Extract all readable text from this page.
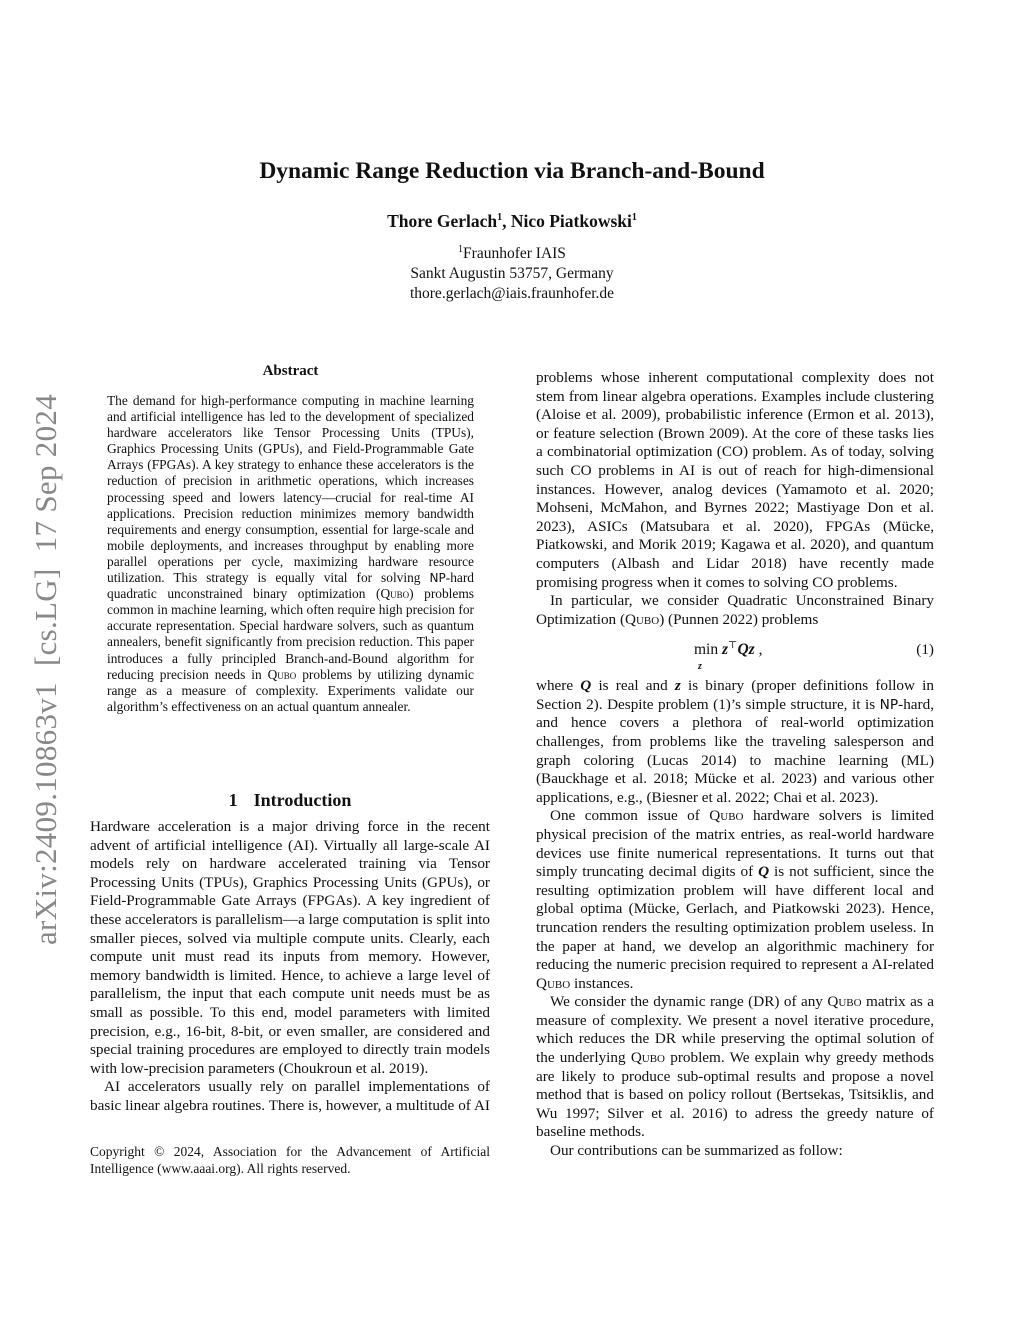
Dynamic Range Reduction via Branch-and-Bound
Thore Gerlach$^1$, Nico Piatkowski$^1$
$^1$Fraunhofer IAIS
Sankt Augustin 53757, Germany
thore.gerlach@iais.fraunhofer.de
arXiv:2409.10863v1  [cs.LG]  17 Sep 2024
Abstract
The demand for high-performance computing in machine learning and artificial intelligence has led to the development of specialized hardware accelerators like Tensor Processing Units (TPUs), Graphics Processing Units (GPUs), and Field-Programmable Gate Arrays (FPGAs). A key strategy to enhance these accelerators is the reduction of precision in arithmetic operations, which increases processing speed and lowers latency—crucial for real-time AI applications. Precision reduction minimizes memory bandwidth requirements and energy consumption, essential for large-scale and mobile deployments, and increases throughput by enabling more parallel operations per cycle, maximizing hardware resource utilization. This strategy is equally vital for solving NP-hard quadratic unconstrained binary optimization (Qubo) problems common in machine learning, which often require high precision for accurate representation. Special hardware solvers, such as quantum annealers, benefit significantly from precision reduction. This paper introduces a fully principled Branch-and-Bound algorithm for reducing precision needs in Qubo problems by utilizing dynamic range as a measure of complexity. Experiments validate our algorithm’s effectiveness on an actual quantum annealer.
1 Introduction

Hardware acceleration is a major driving force in the recent advent of artificial intelligence (AI). Virtually all large-scale AI models rely on hardware accelerated training via Tensor Processing Units (TPUs), Graphics Processing Units (GPUs), or Field-Programmable Gate Arrays (FPGAs). A key ingredient of these accelerators is parallelism—a large computation is split into smaller pieces, solved via multiple compute units. Clearly, each compute unit must read its inputs from memory. However, memory bandwidth is limited. Hence, to achieve a large level of parallelism, the input that each compute unit needs must be as small as possible. To this end, model parameters with limited precision, e.g., 16-bit, 8-bit, or even smaller, are considered and special training procedures are employed to directly train models with low-precision parameters (Choukroun et al. 2019).

AI accelerators usually rely on parallel implementations of basic linear algebra routines. There is, however, a multitude of AI

Copyright © 2024, Association for the Advancement of Artificial Intelligence (www.aaai.org). All rights reserved.

problems whose inherent computational complexity does not stem from linear algebra operations. Examples include clustering (Aloise et al. 2009), probabilistic inference (Ermon et al. 2013), or feature selection (Brown 2009). At the core of these tasks lies a combinatorial optimization (CO) problem. As of today, solving such CO problems in AI is out of reach for high-dimensional instances. However, analog devices (Yamamoto et al. 2020; Mohseni, McMahon, and Byrnes 2022; Mastiyage Don et al. 2023), ASICs (Matsubara et al. 2020), FPGAs (Mücke, Piatkowski, and Morik 2019; Kagawa et al. 2020), and quantum computers (Albash and Lidar 2018) have recently made promising progress when it comes to solving CO problems.

In particular, we consider Quadratic Unconstrained Binary Optimization (Qubo) (Punnen 2022) problems

min
z
z⊤Qz ,	(1)

where Q is real and z is binary (proper definitions follow in Section 2). Despite problem (1)’s simple structure, it is NP-hard, and hence covers a plethora of real-world optimization challenges, from problems like the traveling salesperson and graph coloring (Lucas 2014) to machine learning (ML) (Bauckhage et al. 2018; Mücke et al. 2023) and various other applications, e.g., (Biesner et al. 2022; Chai et al. 2023).

One common issue of Qubo hardware solvers is limited physical precision of the matrix entries, as real-world hardware devices use finite numerical representations. It turns out that simply truncating decimal digits of Q is not sufficient, since the resulting optimization problem will have different local and global optima (Mücke, Gerlach, and Piatkowski 2023). Hence, truncation renders the resulting optimization problem useless. In the paper at hand, we develop an algorithmic machinery for reducing the numeric precision required to represent a AI-related Qubo instances.

We consider the dynamic range (DR) of any Qubo matrix as a measure of complexity. We present a novel iterative procedure, which reduces the DR while preserving the optimal solution of the underlying Qubo problem. We explain why greedy methods are likely to produce sub-optimal results and propose a novel method that is based on policy rollout (Bertsekas, Tsitsiklis, and Wu 1997; Silver et al. 2016) to adress the greedy nature of baseline methods.

Our contributions can be summarized as follow:
